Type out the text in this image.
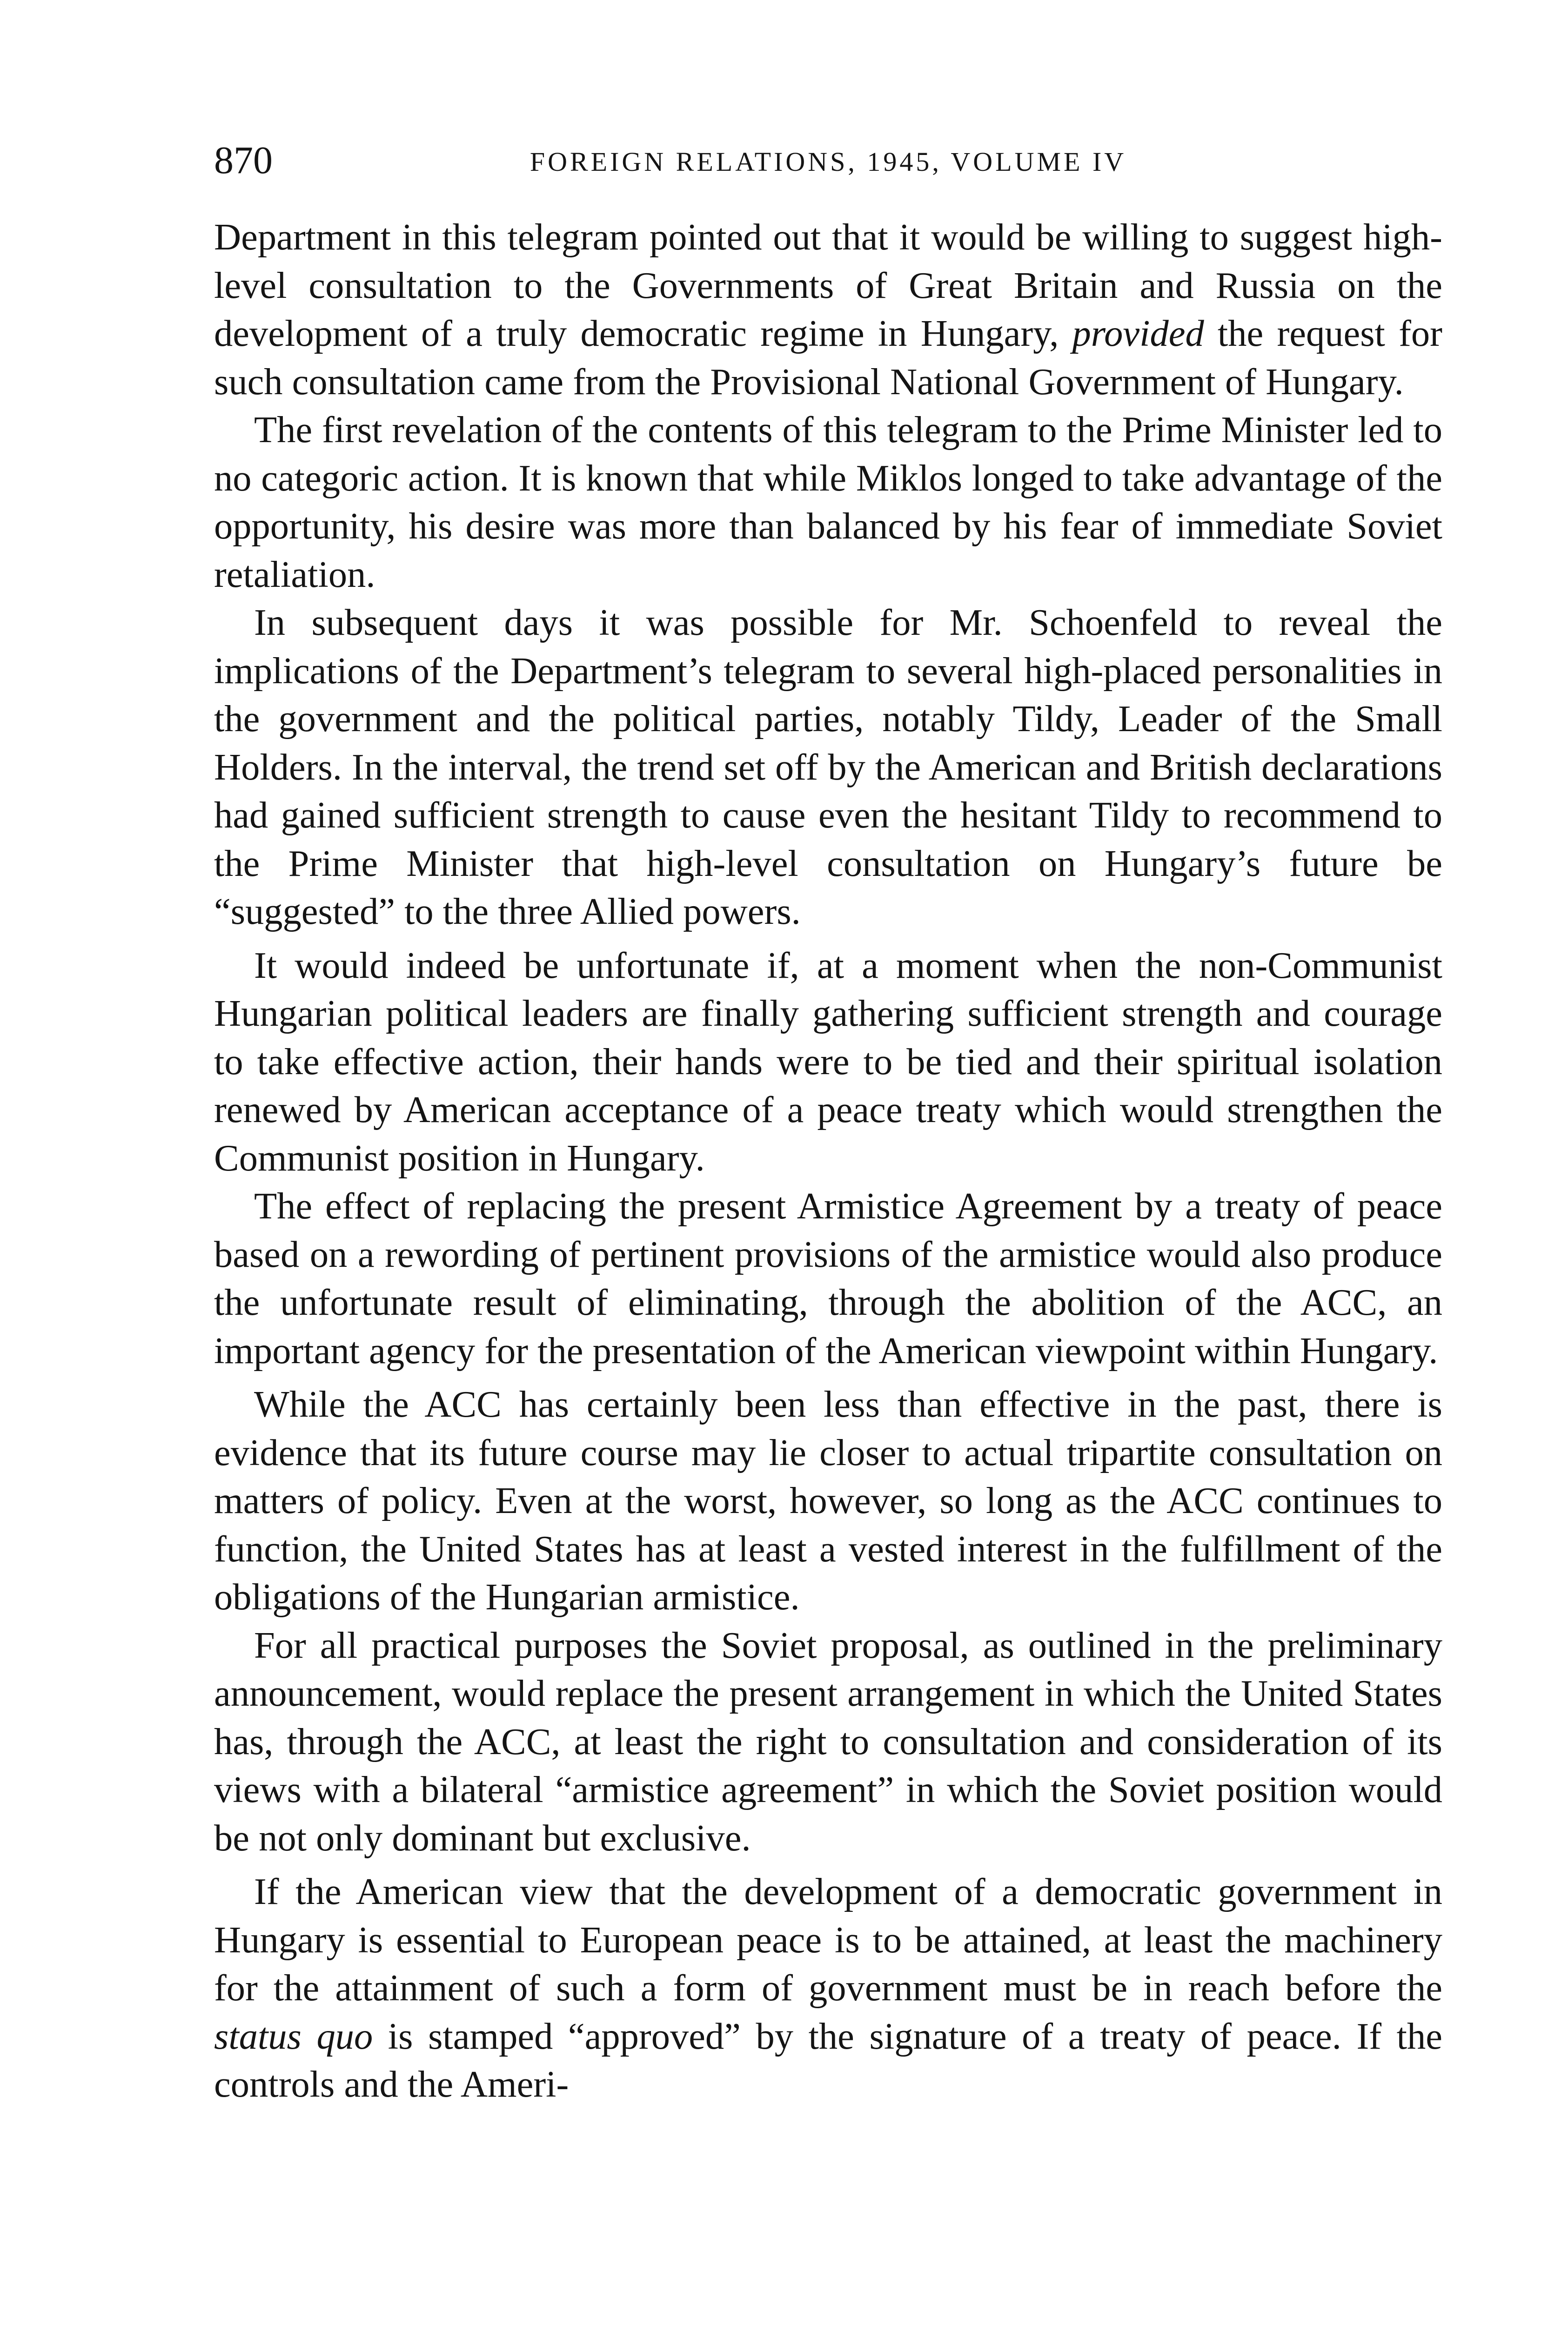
870	FOREIGN RELATIONS, 1945, VOLUME IV

Department in this telegram pointed out that it would be willing to suggest high-level consultation to the Governments of Great Britain and Russia on the development of a truly democratic regime in Hungary, provided the request for such consultation came from the Provisional National Government of Hungary.

The first revelation of the contents of this telegram to the Prime Minister led to no categoric action. It is known that while Miklos longed to take advantage of the opportunity, his desire was more than balanced by his fear of immediate Soviet retaliation.

In subsequent days it was possible for Mr. Schoenfeld to reveal the implications of the Department’s telegram to several high-placed personalities in the government and the political parties, notably Tildy, Leader of the Small Holders. In the interval, the trend set off by the American and British declarations had gained sufficient strength to cause even the hesitant Tildy to recommend to the Prime Minister that high-level consultation on Hungary’s future be “suggested” to the three Allied powers.

It would indeed be unfortunate if, at a moment when the non-Communist Hungarian political leaders are finally gathering sufficient strength and courage to take effective action, their hands were to be tied and their spiritual isolation renewed by American acceptance of a peace treaty which would strengthen the Communist position in Hungary.

The effect of replacing the present Armistice Agreement by a treaty of peace based on a rewording of pertinent provisions of the armistice would also produce the unfortunate result of eliminating, through the abolition of the ACC, an important agency for the presentation of the American viewpoint within Hungary.

While the ACC has certainly been less than effective in the past, there is evidence that its future course may lie closer to actual tripartite consultation on matters of policy. Even at the worst, however, so long as the ACC continues to function, the United States has at least a vested interest in the fulfillment of the obligations of the Hungarian armistice.

For all practical purposes the Soviet proposal, as outlined in the preliminary announcement, would replace the present arrangement in which the United States has, through the ACC, at least the right to consultation and consideration of its views with a bilateral “armistice agreement” in which the Soviet position would be not only dominant but exclusive.

If the American view that the development of a democratic government in Hungary is essential to European peace is to be attained, at least the machinery for the attainment of such a form of government must be in reach before the status quo is stamped “approved” by the signature of a treaty of peace. If the controls and the Ameri-
